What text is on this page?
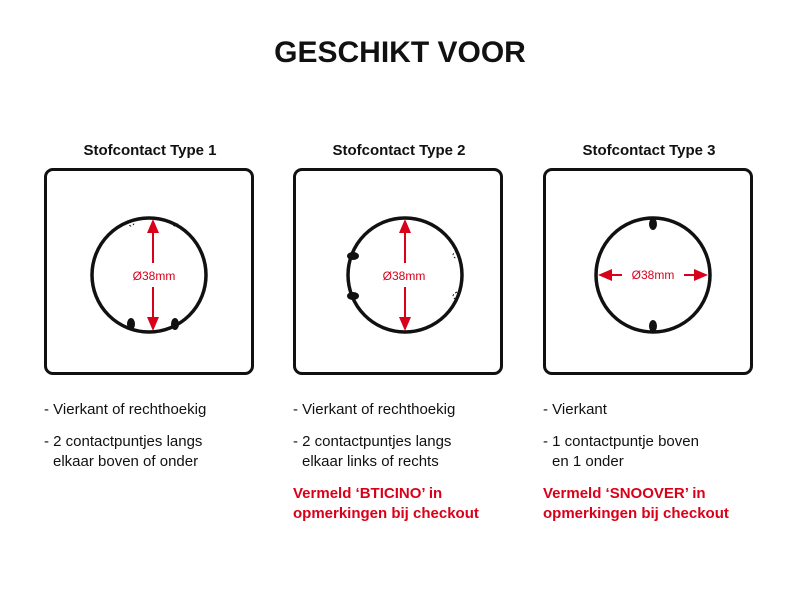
GESCHIKT VOOR
Stofcontact Type 1
Ø38mm

- Vierkant of rechthoekig

- 2 contactpuntjes langs
elkaar boven of onder

Stofcontact Type 2
Ø38mm

- Vierkant of rechthoekig

- 2 contactpuntjes langs
elkaar links of rechts

Vermeld ‘BTICINO’ in
opmerkingen bij checkout
Stofcontact Type 3
Ø38mm

- Vierkant

- 1 contactpuntje boven
en 1 onder

Vermeld ‘SNOOVER’ in
opmerkingen bij checkout
